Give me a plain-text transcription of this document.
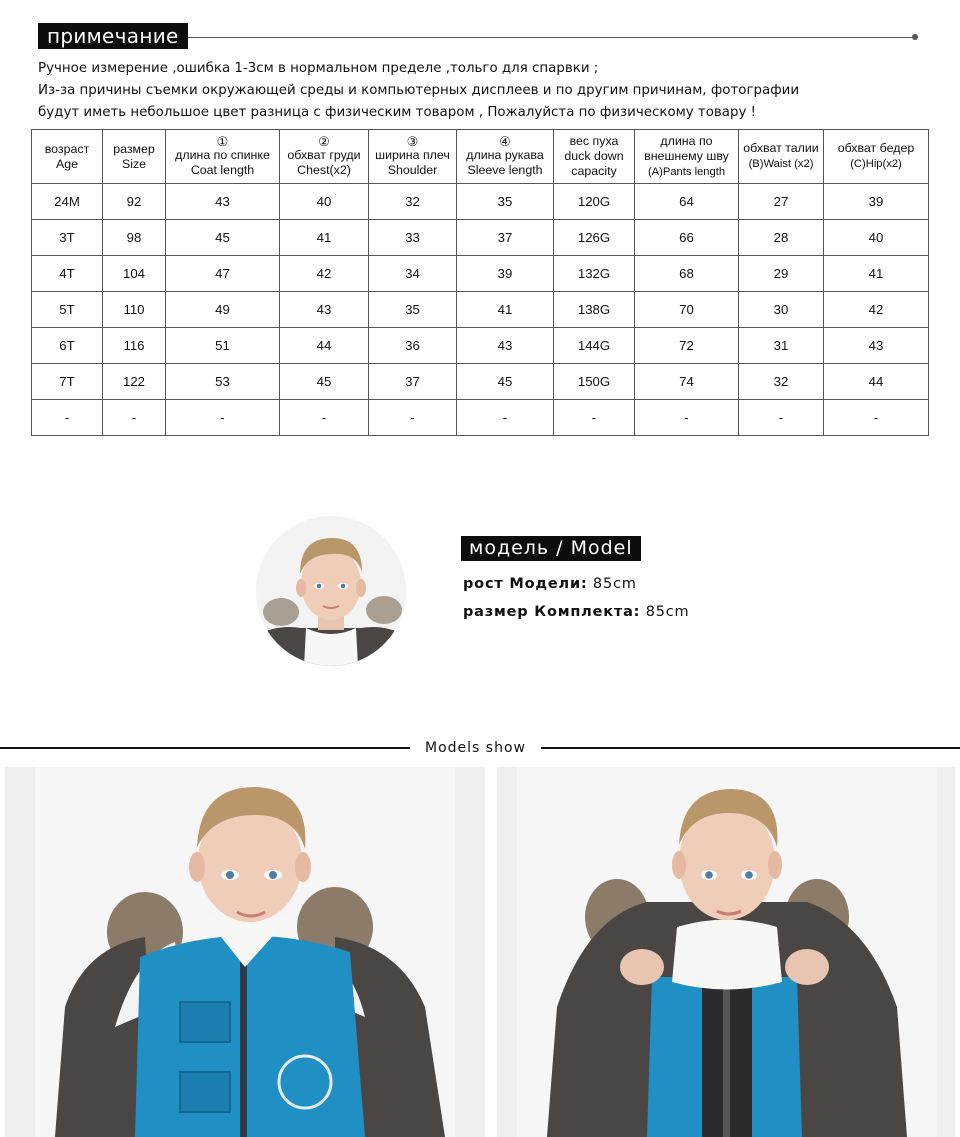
примечание
Ручное измерение ,ошибка 1-3см в нормальном пределе ,тольго для спарвки ;
Из-за причины съемки окружающей среды и компьютерных дисплеев и по другим причинам, фотографии
будут иметь небольшое цвет разница с физическим товаром , Пожалуйста по физическому товару !
возраст
Age	размер
Size	①
длина по спинке
Coat length	②
обхват груди
Chest(x2)	③
ширина плеч
Shoulder	④
длина рукава
Sleeve length	вес пуха
duck down
capacity	длина по
внешнему шву
(A)Pants length	обхват талии
(B)Waist (x2)	обхват бедер
(C)Hip(x2)
24M	92	43	40	32	35	120G	64	27	39
3T	98	45	41	33	37	126G	66	28	40
4T	104	47	42	34	39	132G	68	29	41
5T	110	49	43	35	41	138G	70	30	42
6T	116	51	44	36	43	144G	72	31	43
7T	122	53	45	37	45	150G	74	32	44
-	-	-	-	-	-	-	-	-	-
модель / Model
рост Модели: 85cm
размер Комплекта: 85cm
Models show
